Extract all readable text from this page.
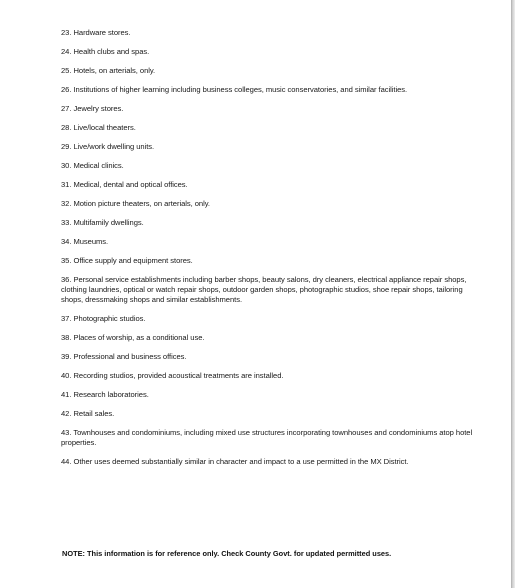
23. Hardware stores.
24. Health clubs and spas.
25. Hotels, on arterials, only.
26. Institutions of higher learning including business colleges, music conservatories, and similar facilities.
27. Jewelry stores.
28. Live/local theaters.
29. Live/work dwelling units.
30. Medical clinics.
31. Medical, dental and optical offices.
32. Motion picture theaters, on arterials, only.
33. Multifamily dwellings.
34. Museums.
35. Office supply and equipment stores.
36. Personal service establishments including barber shops, beauty salons, dry cleaners, electrical appliance repair shops, clothing laundries, optical or watch repair shops, outdoor garden shops, photographic studios, shoe repair shops, tailoring shops, dressmaking shops and similar establishments.
37. Photographic studios.
38. Places of worship, as a conditional use.
39. Professional and business offices.
40. Recording studios, provided acoustical treatments are installed.
41. Research laboratories.
42. Retail sales.
43. Townhouses and condominiums, including mixed use structures incorporating townhouses and condominiums atop hotel properties.
44. Other uses deemed substantially similar in character and impact to a use permitted in the MX District.

NOTE: This information is for reference only. Check County Govt. for updated permitted uses.
